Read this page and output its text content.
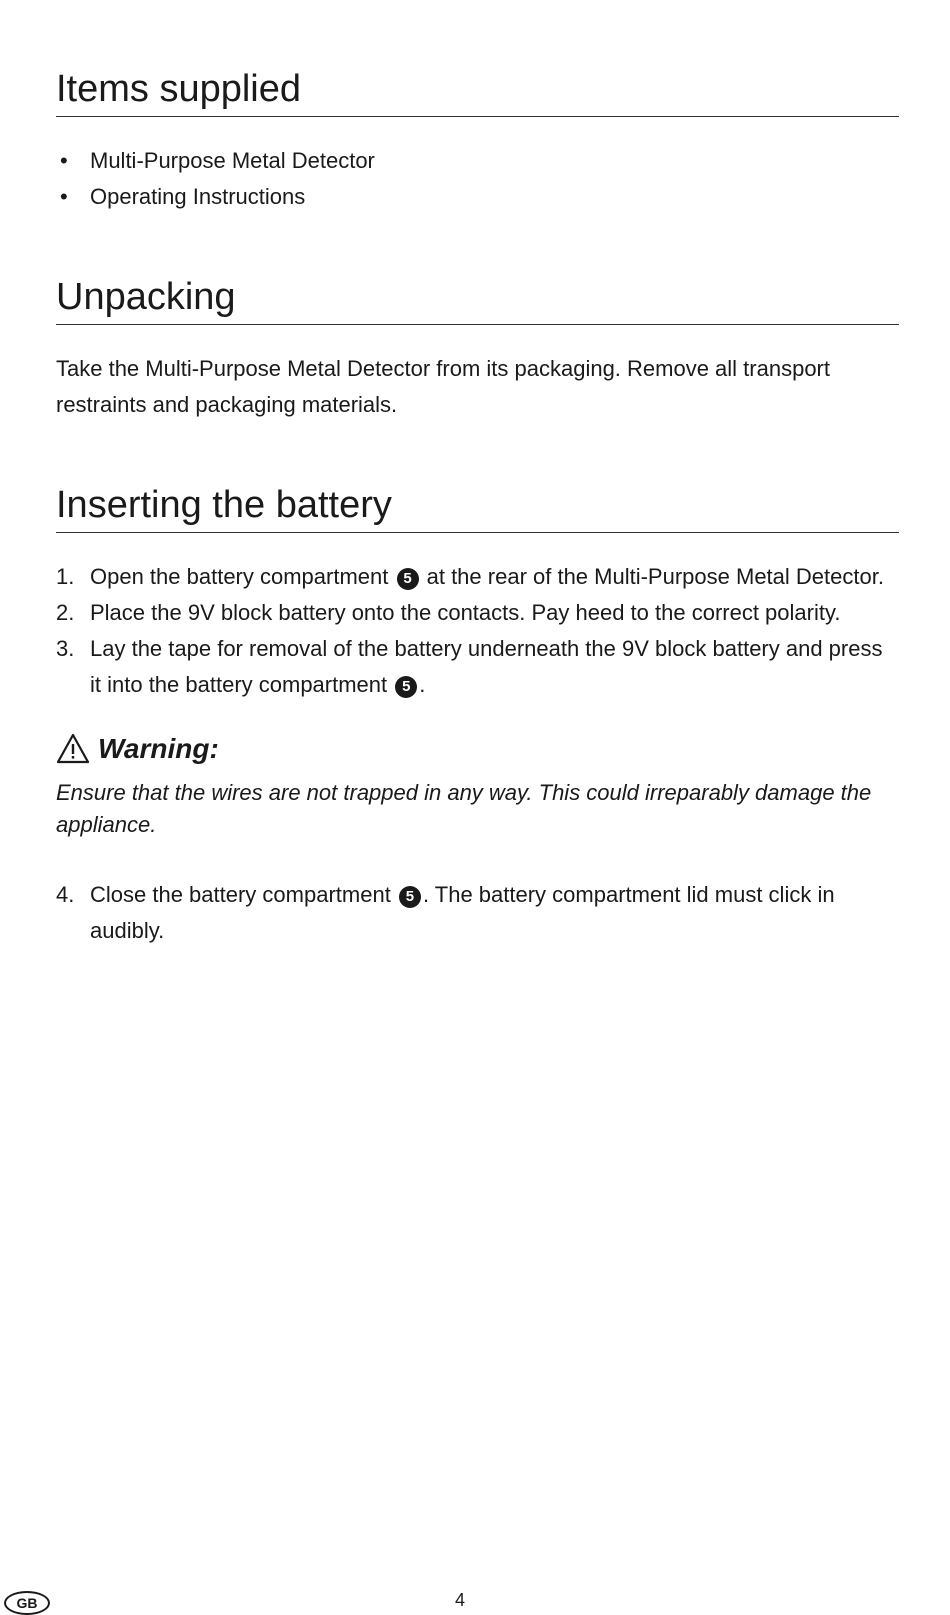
Items supplied
• Multi-Purpose Metal Detector
• Operating Instructions
Unpacking

Take the Multi-Purpose Metal Detector from its packaging. Remove all transport restraints and packaging materials.

Inserting the battery
1. Open the battery compartment 5 at the rear of the Multi-Purpose Metal Detector.
2. Place the 9V block battery onto the contacts. Pay heed to the correct polarity.
3. Lay the tape for removal of the battery underneath the 9V block battery and press it into the battery compartment 5 .
Warning:
Ensure that the wires are not trapped in any way. This could irreparably damage the appliance.
4. Close the battery compartment 5 . The battery compartment lid must click in audibly.
GB	4
